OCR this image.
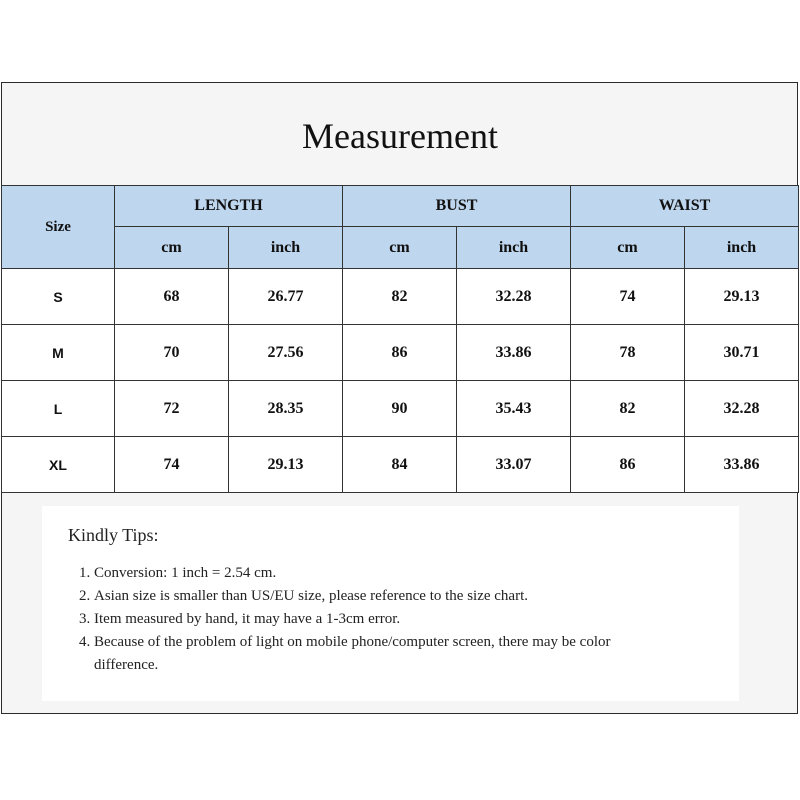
Measurement
Size	LENGTH		BUST		WAIST	
	cm	inch	cm	inch	cm	inch
S	68	26.77	82	32.28	74	29.13
M	70	27.56	86	33.86	78	30.71
L	72	28.35	90	35.43	82	32.28
XL	74	29.13	84	33.07	86	33.86
Kindly Tips:
1. Conversion: 1 inch = 2.54 cm.
2. Asian size is smaller than US/EU size, please reference to the size chart.
3. Item measured by hand, it may have a 1-3cm error.
4. Because of the problem of light on mobile phone/computer screen, there may be color difference.
